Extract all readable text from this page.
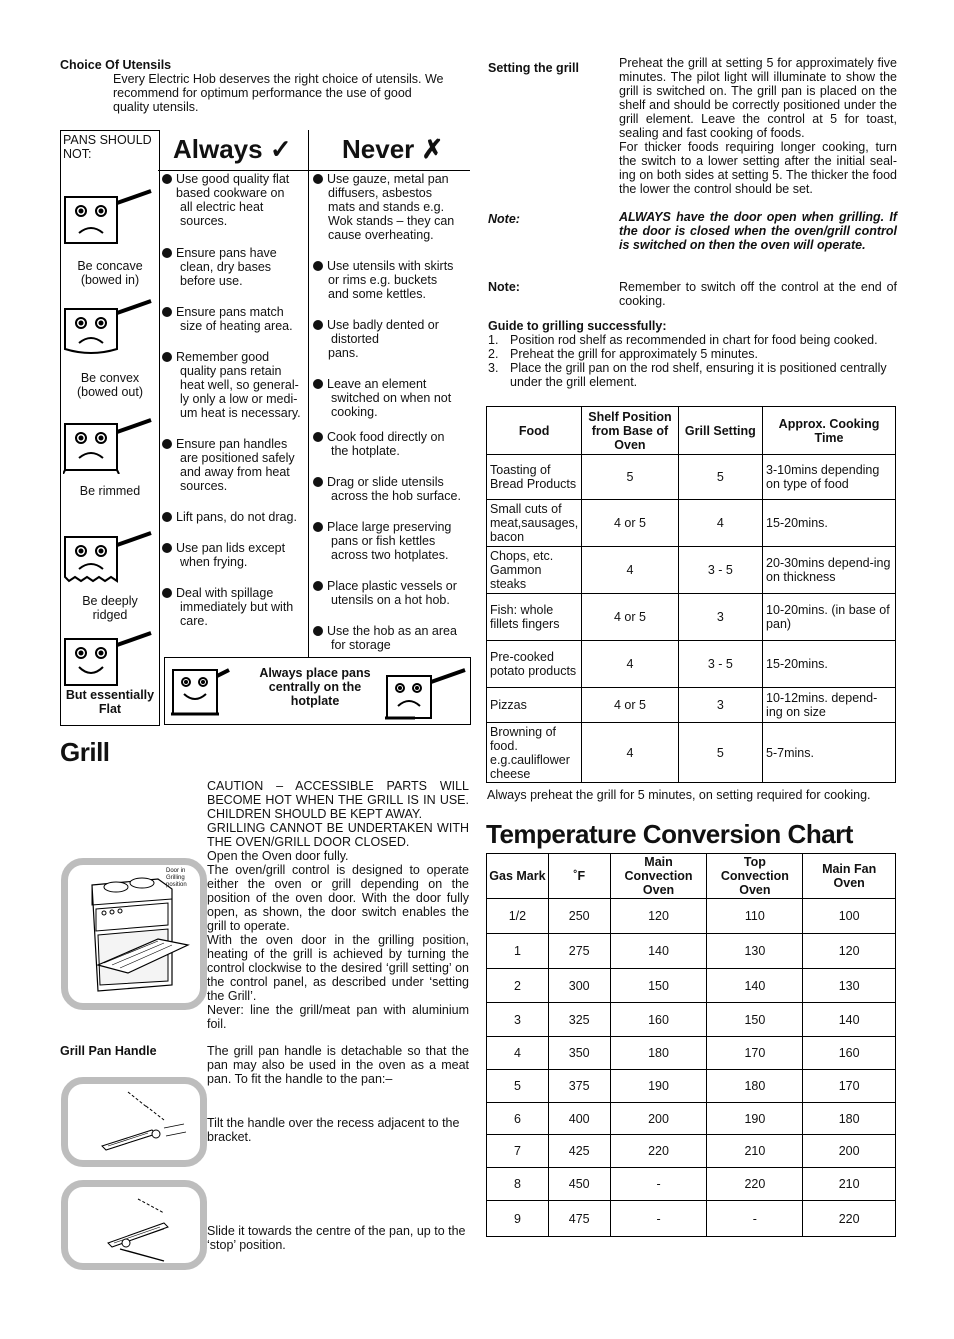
Choice Of Utensils
Every Electric Hob deserves the right choice of utensils. We
recommend for optimum performance the use of good
quality utensils.
PANS SHOULD
NOT:
Be concave
(bowed in)
Be convex
(bowed out)
Be rimmed
Be deeply
ridged
But essentially
Flat
Always ✓ Never ✗
Use good quality flat
based cookware on
all electric heat
sources.
Ensure pans have
clean, dry bases
before use.
Ensure pans match
size of heating area.
Remember good
quality pans retain
heat well, so general-
ly only a low or medi-
um heat is necessary.
Ensure pan handles
are positioned safely
and away from heat
sources.
Lift pans, do not drag.
Use pan lids except
when frying.
Deal with spillage
immediately but with
care.
Use gauze, metal pan
diffusers, asbestos
mats and stands e.g.
Wok stands – they can
cause overheating.
Use utensils with skirts
or rims e.g. buckets
and some kettles.
Use badly dented or
distorted
pans.
Leave an element
switched on when not
cooking.
Cook food directly on
the hotplate.
Drag or slide utensils
across the hob surface.
Place large preserving
pans or fish kettles
across two hotplates.
Place plastic vessels or
utensils on a hot hob.
Use the hob as an area
for storage
Always place pans
centrally on the
hotplate
Grill
CAUTION – ACCESSIBLE PARTS WILL BECOME HOT WHEN THE GRILL IS IN USE. CHILDREN SHOULD BE KEPT AWAY.
GRILLING CANNOT BE UNDERTAKEN WITH THE OVEN/GRILL DOOR CLOSED.
Open the Oven door fully.
The oven/grill control is designed to operate either the oven or grill depending on the position of the oven door. With the door fully open, as shown, the door switch enables the grill to operate.
With the oven door in the grilling position, heating of the grill is achieved by turning the control clockwise to the desired ‘grill setting’ on the control panel, as described under ‘setting the Grill’.
Never: line the grill/meat pan with aluminium foil.
Door in
Grilling
position
Grill Pan Handle	The grill pan handle is detachable so that the pan may also be used in the oven as a meat pan. To fit the handle to the pan:–
Tilt the handle over the recess adjacent to the bracket.
Slide it towards the centre of the pan, up to the ‘stop’ position.
Setting the grill	Preheat the grill at setting 5 for approximately five minutes. The pilot light will illuminate to show the grill is switched on. The grill pan is placed on the shelf and should be correctly positioned under the grill element. Leave the control at 5 for toast, sealing and fast cooking of foods.
For thicker foods requiring longer cooking, turn the switch to a lower setting after the initial seal-ing on both sides at setting 5. The thicker the food the lower the control should be set.
Note:	ALWAYS have the door open when grilling. If the door is closed when the oven/grill control is switched on then the oven will operate.
Note:	Remember to switch off the control at the end of cooking.
Guide to grilling successfully:
1. Position rod shelf as recommended in chart for food being cooked.
2. Preheat the grill for approximately 5 minutes.
3. Place the grill pan on the rod shelf, ensuring it is positioned centrally under the grill element.
Food	Shelf Position from Base of Oven	Grill Setting	Approx. Cooking Time
Toasting of Bread Products	5	5	3-10mins depending on type of food
Small cuts of meat,sausages, bacon	4 or 5	4	15-20mins.
Chops, etc. Gammon steaks	4	3 - 5	20-30mins depend-ing on thickness
Fish: whole fillets fingers	4 or 5	3	10-20mins. (in base of pan)
Pre-cooked potato products	4	3 - 5	15-20mins.
Pizzas	4 or 5	3	10-12mins. depend-ing on size
Browning of food. e.g.cauliflower cheese	4	5	5-7mins.
Always preheat the grill for 5 minutes, on setting required for cooking.
Temperature Conversion Chart
Gas Mark	˚F	Main Convection Oven	Top Convection Oven	Main Fan Oven
1/2	250	120	110	100
1	275	140	130	120
2	300	150	140	130
3	325	160	150	140
4	350	180	170	160
5	375	190	180	170
6	400	200	190	180
7	425	220	210	200
8	450	-	220	210
9	475	-	-	220
